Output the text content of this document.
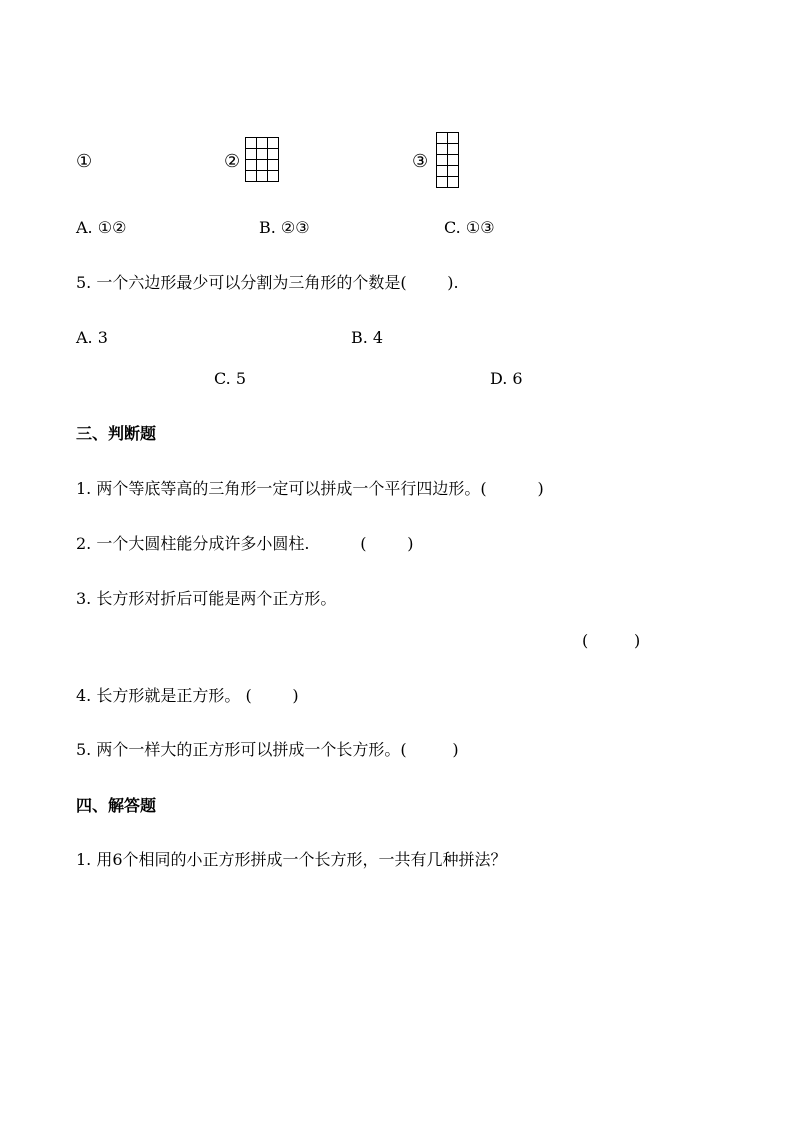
①	②

			③

A. ①②	B. ②③	C. ①③
5. 一个六边形最少可以分割为三角形的个数是(        ).
A. 3	B. 4
C. 5	D. 6
三、判断题
1. 两个等底等高的三角形一定可以拼成一个平行四边形。(          )
2. 一个大圆柱能分成许多小圆柱.          (        )
3. 长方形对折后可能是两个正方形。
(         )
4. 长方形就是正方形。 (        )
5. 两个一样大的正方形可以拼成一个长方形。(         )
四、解答题
1. 用6个相同的小正方形拼成一个长方形，一共有几种拼法？
